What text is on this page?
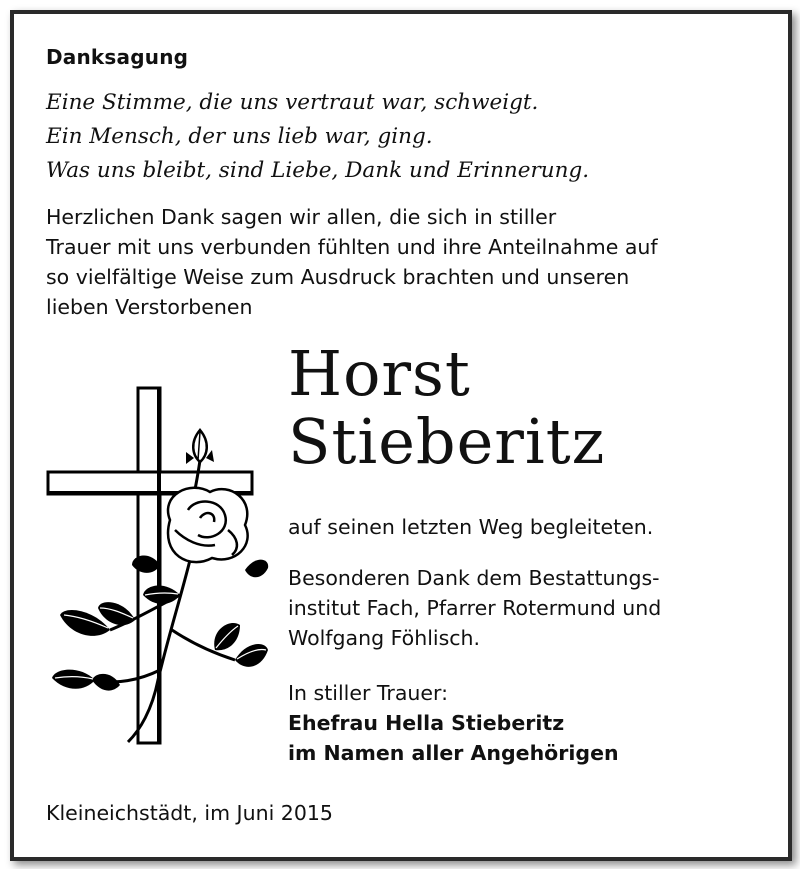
Danksagung
Eine Stimme, die uns vertraut war, schweigt.
Ein Mensch, der uns lieb war, ging.
Was uns bleibt, sind Liebe, Dank und Erinnerung.
Herzlichen Dank sagen wir allen, die sich in stiller
Trauer mit uns verbunden fühlten und ihre Anteilnahme auf
so vielfältige Weise zum Ausdruck brachten und unseren
lieben Verstorbenen
Horst
Stieberitz
auf seinen letzten Weg begleiteten.
Besonderen Dank dem Bestattungs-
institut Fach, Pfarrer Rotermund und
Wolfgang Föhlisch.
In stiller Trauer:
Ehefrau Hella Stieberitz
im Namen aller Angehörigen
Kleineichstädt, im Juni 2015
